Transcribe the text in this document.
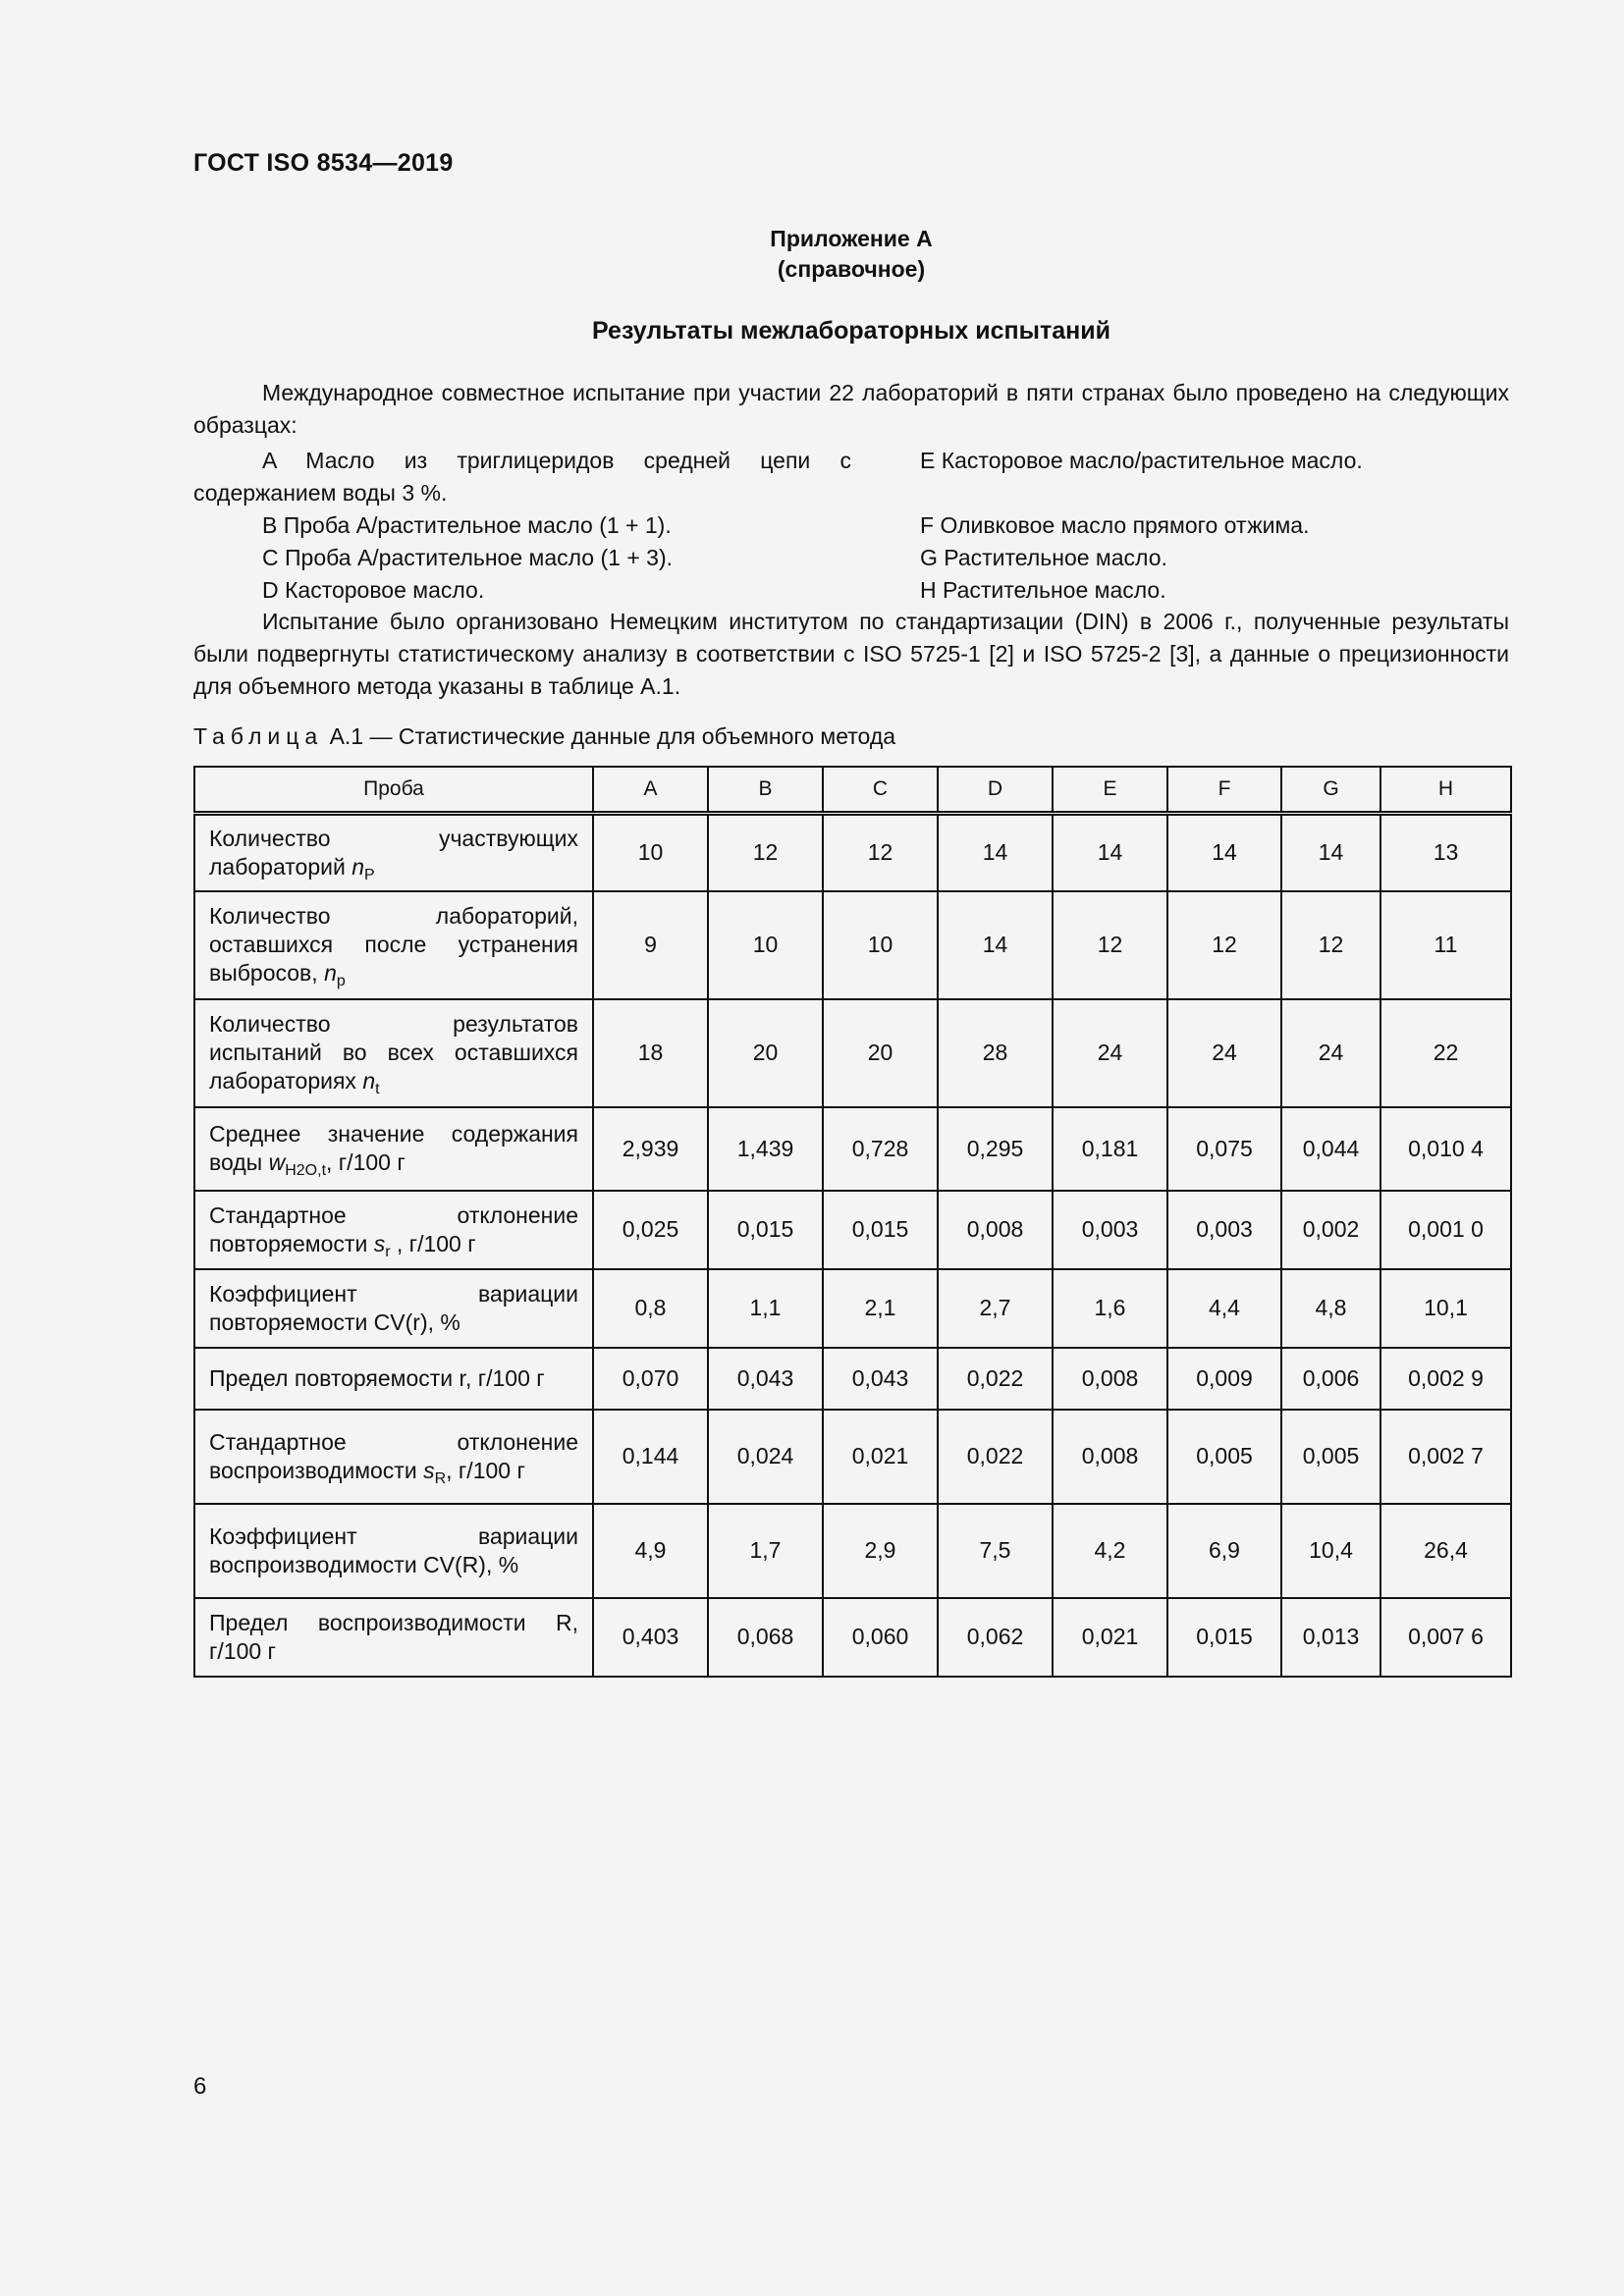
ГОСТ ISO 8534—2019
Приложение А
(справочное)
Результаты межлабораторных испытаний
Международное совместное испытание при участии 22 лабораторий в пяти странах было проведено на следующих образцах:
A Масло из триглицеридов средней цепи с содержанием воды 3 %.
B Проба А/растительное масло (1 + 1).
C Проба А/растительное масло (1 + 3).
D Касторовое масло.
E Касторовое масло/растительное масло.
F Оливковое масло прямого отжима.
G Растительное масло.
H Растительное масло.
Испытание было организовано Немецким институтом по стандартизации (DIN) в 2006 г., полученные результаты были подвергнуты статистическому анализу в соответствии с ISO 5725-1 [2] и ISO 5725-2 [3], а данные о прецизионности для объемного метода указаны в таблице А.1.
Таблица А.1 — Статистические данные для объемного метода
Проба	A	B	C	D	E	F	G	H
Количество участвующих лабораторий $n_P$	10	12	12	14	14	14	14	13
Количество лабораторий, оставшихся после устранения выбросов, $n_p$	9	10	10	14	12	12	12	11
Количество результатов испытаний во всех оставшихся лабораториях $n_t$	18	20	20	28	24	24	24	22
Среднее значение содержания воды $w_{H2O,t}$, г/100 г	2,939	1,439	0,728	0,295	0,181	0,075	0,044	0,010 4
Стандартное отклонение повторяемости $s_r$ , г/100 г	0,025	0,015	0,015	0,008	0,003	0,003	0,002	0,001 0
Коэффициент вариации повторяемости CV(r), %	0,8	1,1	2,1	2,7	1,6	4,4	4,8	10,1
Предел повторяемости r, г/100 г	0,070	0,043	0,043	0,022	0,008	0,009	0,006	0,002 9
Стандартное отклонение воспроизводимости $s_R$, г/100 г	0,144	0,024	0,021	0,022	0,008	0,005	0,005	0,002 7
Коэффициент вариации воспроизводимости CV(R), %	4,9	1,7	2,9	7,5	4,2	6,9	10,4	26,4
Предел воспроизводимости R, г/100 г	0,403	0,068	0,060	0,062	0,021	0,015	0,013	0,007 6
6
